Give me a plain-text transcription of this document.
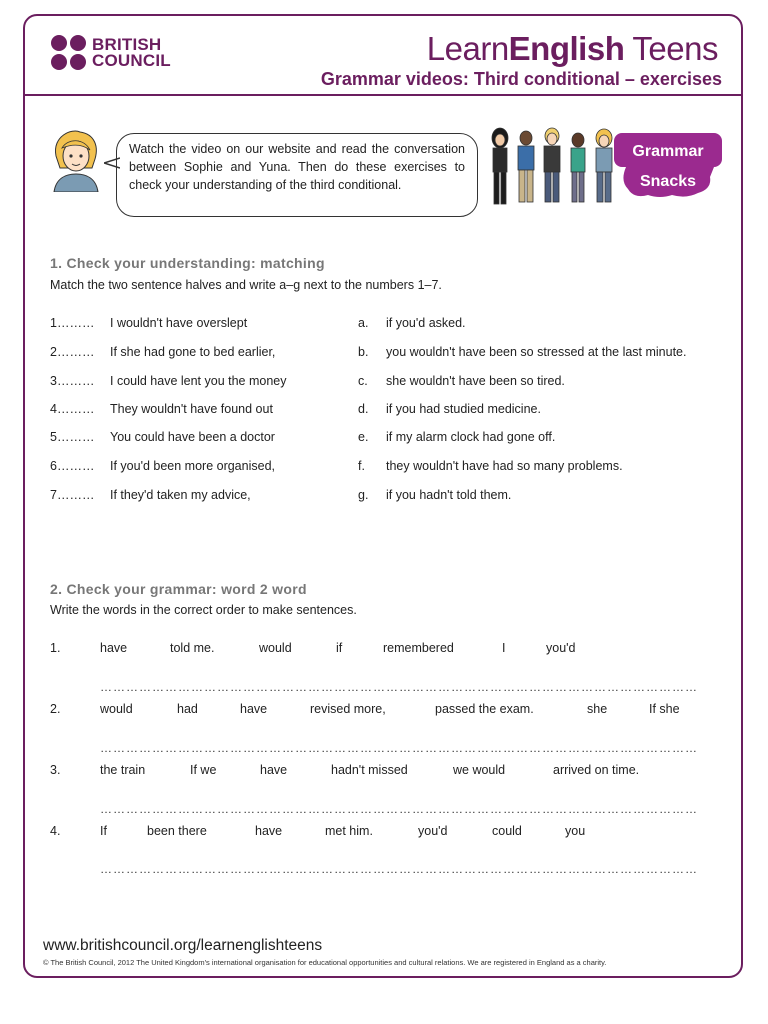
BRITISH
COUNCIL	LearnEnglish Teens
Grammar videos: Third conditional – exercises
Watch the video on our website and read the conversation between Sophie and Yuna. Then do these exercises to check your understanding of the third conditional.
Grammar
Snacks
1. Check your understanding: matching
Match the two sentence halves and write a–g next to the numbers 1–7.
1……… I wouldn't have overslept	a. if you'd asked.
2……… If she had gone to bed earlier,	b. you wouldn't have been so stressed at the last minute.
3……… I could have lent you the money	c. she wouldn't have been so tired.
4……… They wouldn't have found out	d. if you had studied medicine.
5……… You could have been a doctor	e. if my alarm clock had gone off.
6……… If you'd been more organised,	f. they wouldn't have had so many problems.
7……… If they'd taken my advice,	g. if you hadn't told them.
2. Check your grammar: word 2 word
Write the words in the correct order to make sentences.
1.	have	told me.	would	if	remembered	I	you'd
…………………………………………………………………………………………………………………………
2.	would	had	have	revised more,	passed the exam.	she	If she
…………………………………………………………………………………………………………………………
3.	the train	If we	have	hadn't missed	we would	arrived on time.
…………………………………………………………………………………………………………………………
4.	If	been there	have	met him.	you'd	could	you
…………………………………………………………………………………………………………………………
www.britishcouncil.org/learnenglishteens
© The British Council, 2012 The United Kingdom's international organisation for educational opportunities and cultural relations. We are registered in England as a charity.
